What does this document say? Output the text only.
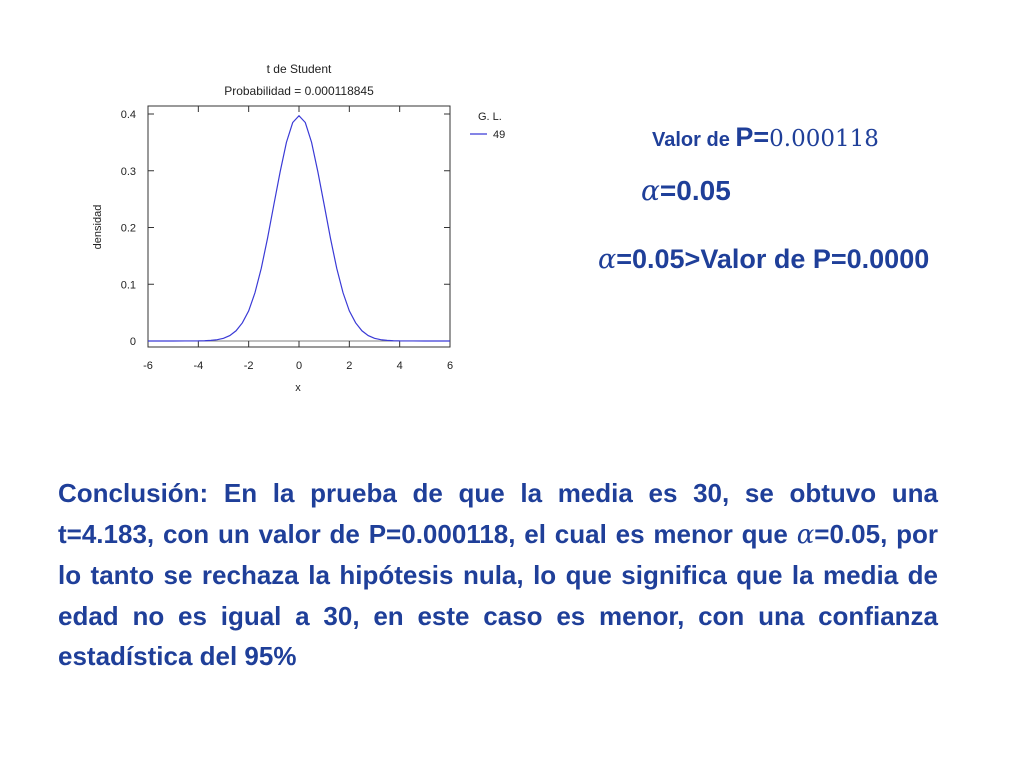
t de Student
Probabilidad = 0.000118845
0
0.1
0.2
0.3
0.4
-6	-4	-2	0	2	4	6
densidad
x
G. L.
49	Valor de P=0.000118
𝛼=0.05
𝛼=0.05>Valor de P=0.0000

Conclusión: En la prueba de que la media es 30, se obtuvo una t=4.183, con un valor de P=0.000118, el cual es menor que 𝛼=0.05, por lo tanto se rechaza la hipótesis nula, lo que significa que la media de edad no es igual a 30, en este caso es menor, con una confianza estadística del 95%
